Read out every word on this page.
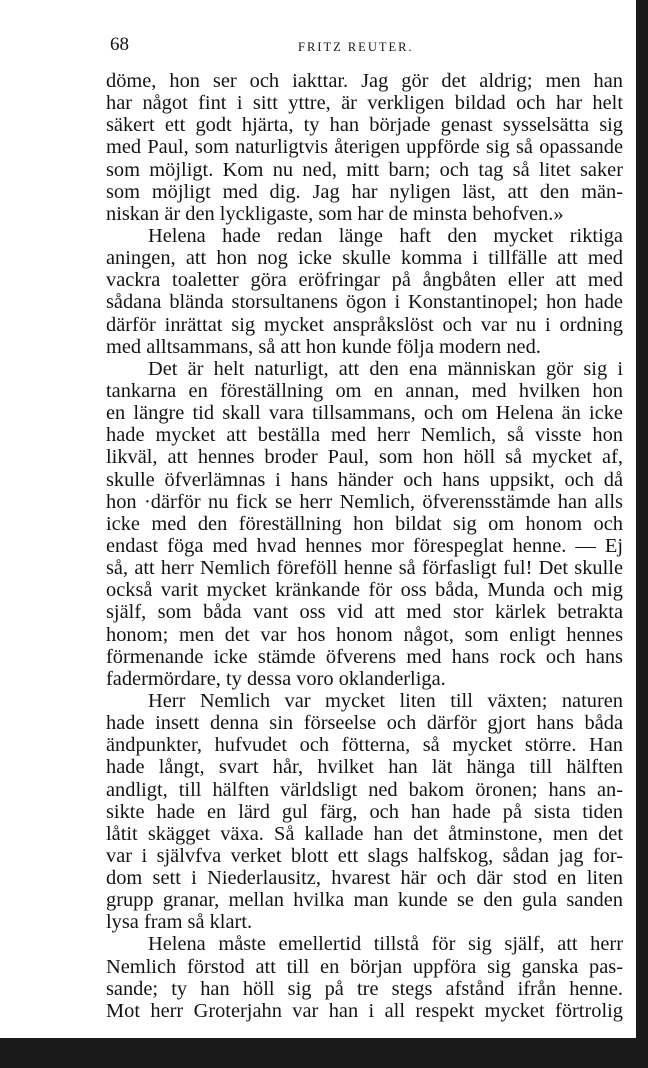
68	FRITZ REUTER.
döme, hon ser och iakttar. Jag gör det aldrig; men han
har något fint i sitt yttre, är verkligen bildad och har helt
säkert ett godt hjärta, ty han började genast sysselsätta sig
med Paul, som naturligtvis återigen uppförde sig så opassande
som möjligt. Kom nu ned, mitt barn; och tag så litet saker
som möjligt med dig. Jag har nyligen läst, att den män-
niskan är den lyckligaste, som har de minsta behofven.»
Helena hade redan länge haft den mycket riktiga
aningen, att hon nog icke skulle komma i tillfälle att med
vackra toaletter göra eröfringar på ångbåten eller att med
sådana blända storsultanens ögon i Konstantinopel; hon hade
därför inrättat sig mycket anspråkslöst och var nu i ordning
med alltsammans, så att hon kunde följa modern ned.
Det är helt naturligt, att den ena människan gör sig i
tankarna en föreställning om en annan, med hvilken hon
en längre tid skall vara tillsammans, och om Helena än icke
hade mycket att beställa med herr Nemlich, så visste hon
likväl, att hennes broder Paul, som hon höll så mycket af,
skulle öfverlämnas i hans händer och hans uppsikt, och då
hon ·därför nu fick se herr Nemlich, öfverensstämde han alls
icke med den föreställning hon bildat sig om honom och
endast föga med hvad hennes mor förespeglat henne. — Ej
så, att herr Nemlich föreföll henne så förfasligt ful! Det skulle
också varit mycket kränkande för oss båda, Munda och mig
själf, som båda vant oss vid att med stor kärlek betrakta
honom; men det var hos honom något, som enligt hennes
förmenande icke stämde öfverens med hans rock och hans
fadermördare, ty dessa voro oklanderliga.
Herr Nemlich var mycket liten till växten; naturen
hade insett denna sin förseelse och därför gjort hans båda
ändpunkter, hufvudet och fötterna, så mycket större. Han
hade långt, svart hår, hvilket han lät hänga till hälften
andligt, till hälften världsligt ned bakom öronen; hans an-
sikte hade en lärd gul färg, och han hade på sista tiden
låtit skägget växa. Så kallade han det åtminstone, men det
var i självfva verket blott ett slags halfskog, sådan jag for-
dom sett i Niederlausitz, hvarest här och där stod en liten
grupp granar, mellan hvilka man kunde se den gula sanden
lysa fram så klart.
Helena måste emellertid tillstå för sig själf, att herr
Nemlich förstod att till en början uppföra sig ganska pas-
sande; ty han höll sig på tre stegs afstånd ifrån henne.
Mot herr Groterjahn var han i all respekt mycket förtrolig
